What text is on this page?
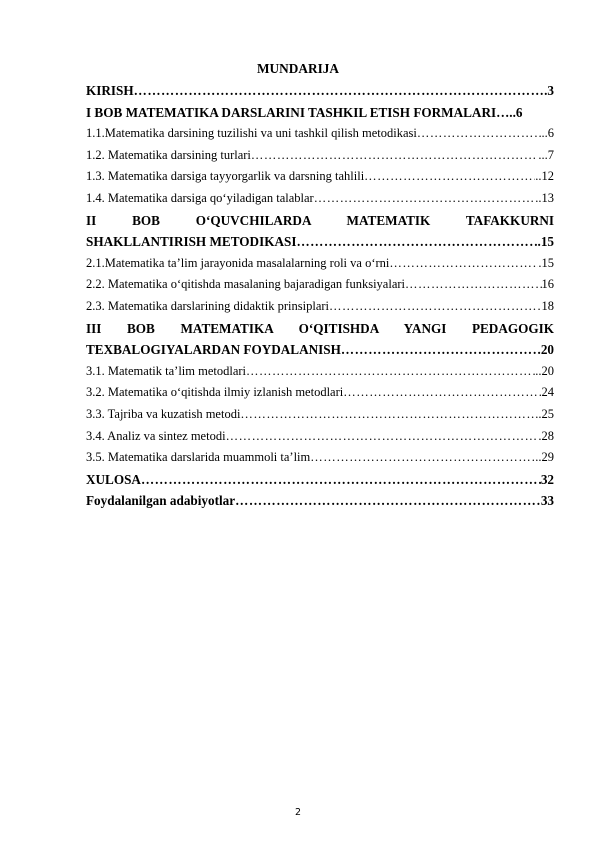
MUNDARIJA
KIRISH ……………………………………………………………………………………………………………………………………………………………………	.3
I BOB MATEMATIKA DARSLARINI TASHKIL ETISH FORMALARI …..6
1.1.Matematika darsining tuzilishi va uni tashkil qilish metodikasi ……………………………………………………………………………………………………………………………………………………………………	..6
1.2. Matematika darsining turlari ……………………………………………………………………………………………………………………………………………………………………	...7
1.3. Matematika darsiga tayyorgarlik va darsning tahlili ……………………………………………………………………………………………………………………………………………………………………	..12
1.4. Matematika darsiga qo‘yiladigan talablar ……………………………………………………………………………………………………………………………………………………………………	.13
II	BOB	O‘QUVCHILARDA	MATEMATIK	TAFAKKURNI
SHAKLLANTIRISH METODIKASI ……………………………………………………………………………………………………………………………………………………………………	..15
2.1.Matematika ta’lim jarayonida masalalarning roli va o‘rni ……………………………………………………………………………………………………………………………………………………………………	.15
2.2. Matematika o‘qitishda masalaning bajaradigan funksiyalari ……………………………………………………………………………………………………………………………………………………………………	16
2.3. Matematika darslarining didaktik prinsiplari ……………………………………………………………………………………………………………………………………………………………………	18
III BOB MATEMATIKA O‘QITISHDA YANGI PEDAGOGIK
TEXBALOGIYALARDAN FOYDALANISH ……………………………………………………………………………………………………………………………………………………………………	20
3.1. Matematik ta’lim metodlari ……………………………………………………………………………………………………………………………………………………………………	..20
3.2. Matematika o‘qitishda ilmiy izlanish metodlari ……………………………………………………………………………………………………………………………………………………………………	24
3.3. Tajriba va kuzatish metodi ……………………………………………………………………………………………………………………………………………………………………	.25
3.4. Analiz va sintez metodi ……………………………………………………………………………………………………………………………………………………………………	.28
3.5. Matematika darslarida muammoli ta’lim ……………………………………………………………………………………………………………………………………………………………………	..29
XULOSA ……………………………………………………………………………………………………………………………………………………………………	32
Foydalanilgan adabiyotlar ……………………………………………………………………………………………………………………………………………………………………	33
2
